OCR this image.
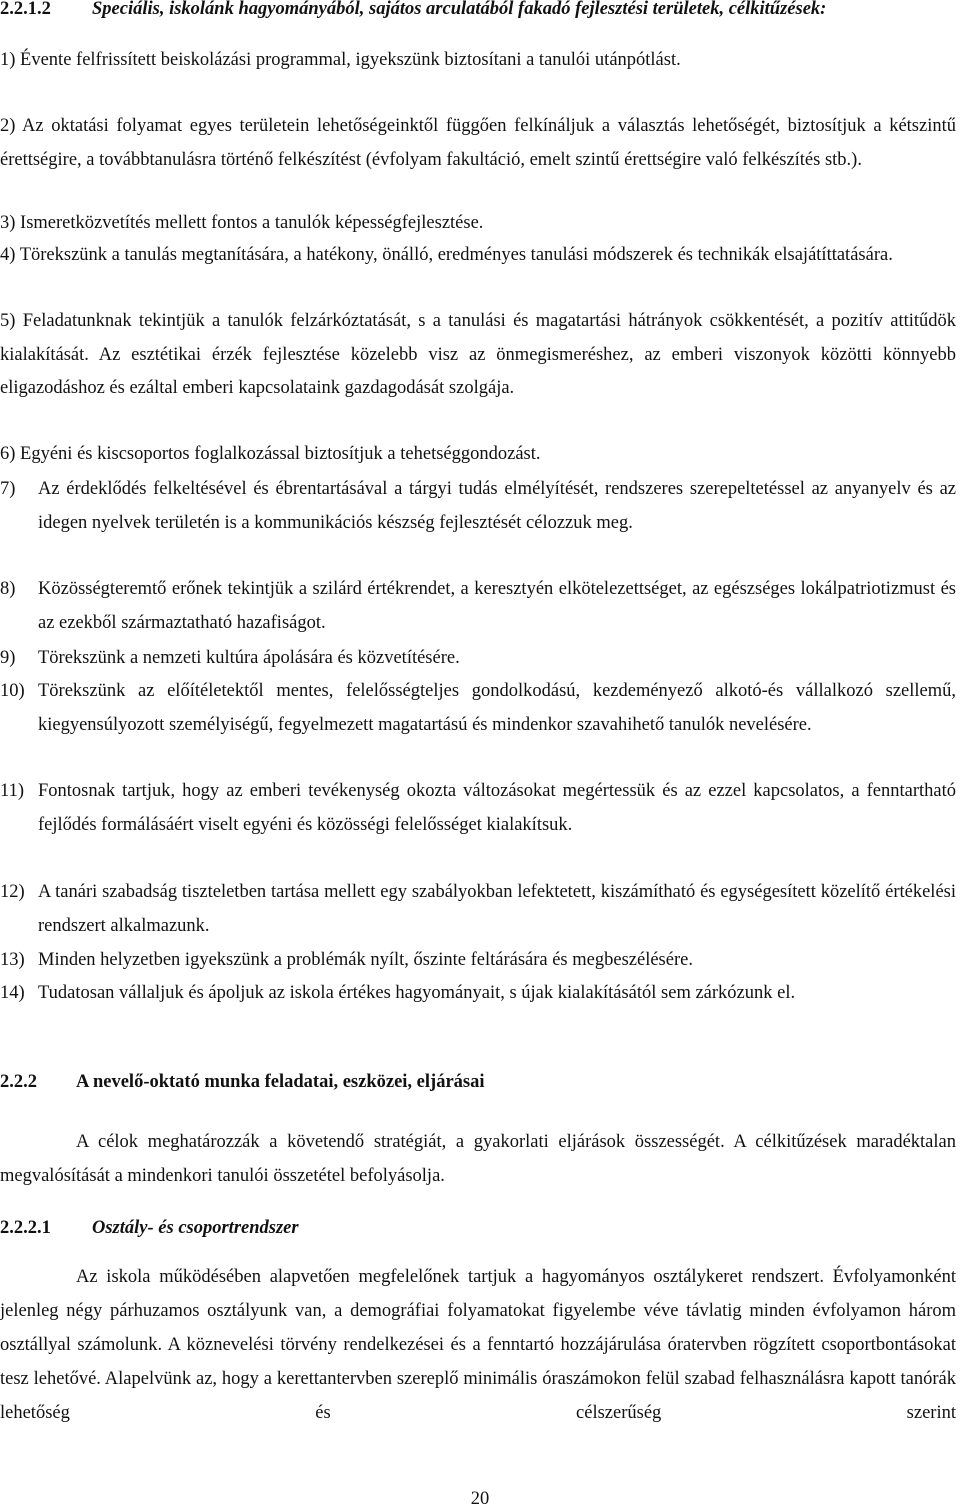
2.2.1.2	Speciális, iskolánk hagyományából, sajátos arculatából fakadó fejlesztési területek, célkitűzések:
1) Évente felfrissített beiskolázási programmal, igyekszünk biztosítani a tanulói utánpótlást.
2) Az oktatási folyamat egyes területein lehetőségeinktől függően felkínáljuk a választás lehetőségét, biztosítjuk a kétszintű érettségire, a továbbtanulásra történő felkészítést (évfolyam fakultáció, emelt szintű érettségire való felkészítés stb.).
3) Ismeretközvetítés mellett fontos a tanulók képességfejlesztése.
4) Törekszünk a tanulás megtanítására, a hatékony, önálló, eredményes tanulási módszerek és technikák elsajátíttatására.
5) Feladatunknak tekintjük a tanulók felzárkóztatását, s a tanulási és magatartási hátrányok csökkentését, a pozitív attitűdök kialakítását. Az esztétikai érzék fejlesztése közelebb visz az önmegismeréshez, az emberi viszonyok közötti könnyebb eligazodáshoz és ezáltal emberi kapcsolataink gazdagodását szolgája.
6) Egyéni és kiscsoportos foglalkozással biztosítjuk a tehetséggondozást.
7) Az érdeklődés felkeltésével és ébrentartásával a tárgyi tudás elmélyítését, rendszeres szerepeltetéssel az anyanyelv és az idegen nyelvek területén is a kommunikációs készség fejlesztését célozzuk meg.
8) Közösségteremtő erőnek tekintjük a szilárd értékrendet, a keresztyén elkötelezettséget, az egészséges lokálpatriotizmust és az ezekből származtatható hazafiságot.
9) Törekszünk a nemzeti kultúra ápolására és közvetítésére.
10) Törekszünk az előítéletektől mentes, felelősségteljes gondolkodású, kezdeményező alkotó-és vállalkozó szellemű, kiegyensúlyozott személyiségű, fegyelmezett magatartású és mindenkor szavahihető tanulók nevelésére.
11) Fontosnak tartjuk, hogy az emberi tevékenység okozta változásokat megértessük és az ezzel kapcsolatos, a fenntartható fejlődés formálásáért viselt egyéni és közösségi felelősséget kialakítsuk.
12) A tanári szabadság tiszteletben tartása mellett egy szabályokban lefektetett, kiszámítható és egységesített közelítő értékelési rendszert alkalmazunk.
13) Minden helyzetben igyekszünk a problémák nyílt, őszinte feltárására és megbeszélésére.
14) Tudatosan vállaljuk és ápoljuk az iskola értékes hagyományait, s újak kialakításától sem zárkózunk el.
2.2.2	A nevelő-oktató munka feladatai, eszközei, eljárásai
A célok meghatározzák a követendő stratégiát, a gyakorlati eljárások összességét. A célkitűzések maradéktalan megvalósítását a mindenkori tanulói összetétel befolyásolja.
2.2.2.1	Osztály- és csoportrendszer
Az iskola működésében alapvetően megfelelőnek tartjuk a hagyományos osztálykeret rendszert. Évfolyamonként jelenleg négy párhuzamos osztályunk van, a demográfiai folyamatokat figyelembe véve távlatig minden évfolyamon három osztállyal számolunk. A köznevelési törvény rendelkezései és a fenntartó hozzájárulása óratervben rögzített csoportbontásokat tesz lehetővé. Alapelvünk az, hogy a kerettantervben szereplő minimális óraszámokon felül szabad felhasználásra kapott tanórák lehetőség és célszerűség szerint
20
